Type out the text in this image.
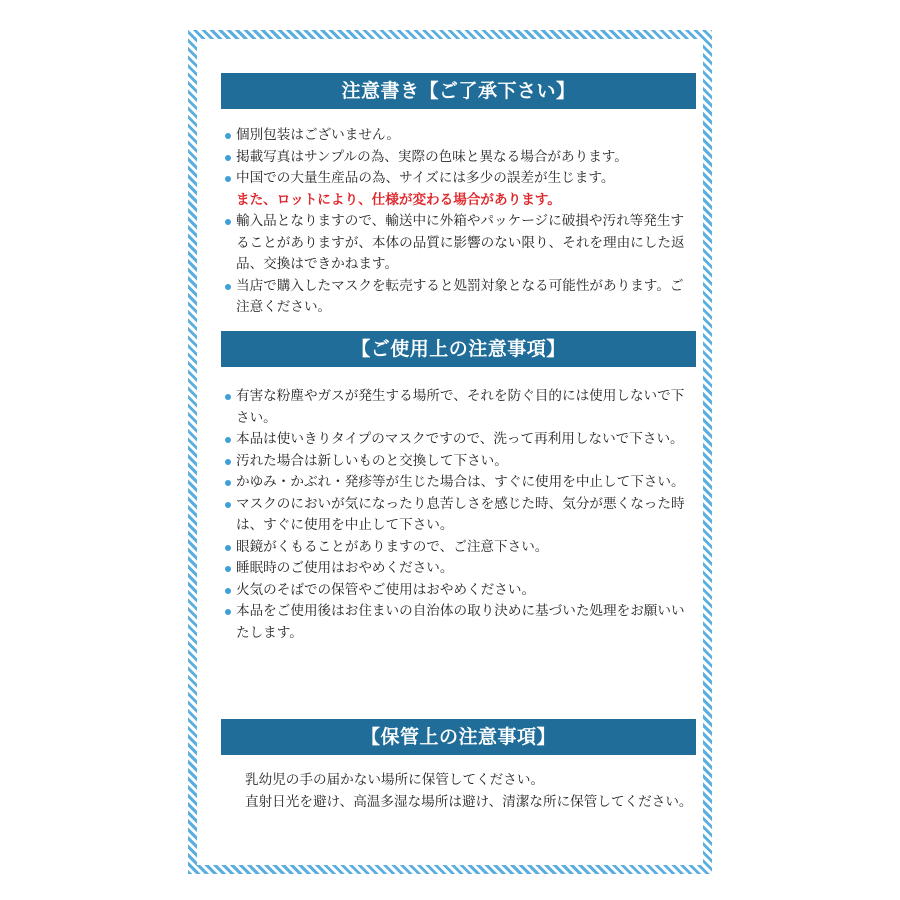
注意書き【ご了承下さい】
個別包装はございません。
掲載写真はサンプルの為、実際の色味と異なる場合があります。
中国での大量生産品の為、サイズには多少の誤差が生じます。
また、ロットにより、仕様が変わる場合があります。
輸入品となりますので、輸送中に外箱やパッケージに破損や汚れ等発生することがありますが、本体の品質に影響のない限り、それを理由にした返品、交換はできかねます。
当店で購入したマスクを転売すると処罰対象となる可能性があります。ご注意ください。
【ご使用上の注意事項】
有害な粉塵やガスが発生する場所で、それを防ぐ目的には使用しないで下さい。
本品は使いきりタイプのマスクですので、洗って再利用しないで下さい。
汚れた場合は新しいものと交換して下さい。
かゆみ・かぶれ・発疹等が生じた場合は、すぐに使用を中止して下さい。
マスクのにおいが気になったり息苦しさを感じた時、気分が悪くなった時は、すぐに使用を中止して下さい。
眼鏡がくもることがありますので、ご注意下さい。
睡眠時のご使用はおやめください。
火気のそばでの保管やご使用はおやめください。
本品をご使用後はお住まいの自治体の取り決めに基づいた処理をお願いいたします。
【保管上の注意事項】

乳幼児の手の届かない場所に保管してください。

直射日光を避け、高温多湿な場所は避け、清潔な所に保管してください。
